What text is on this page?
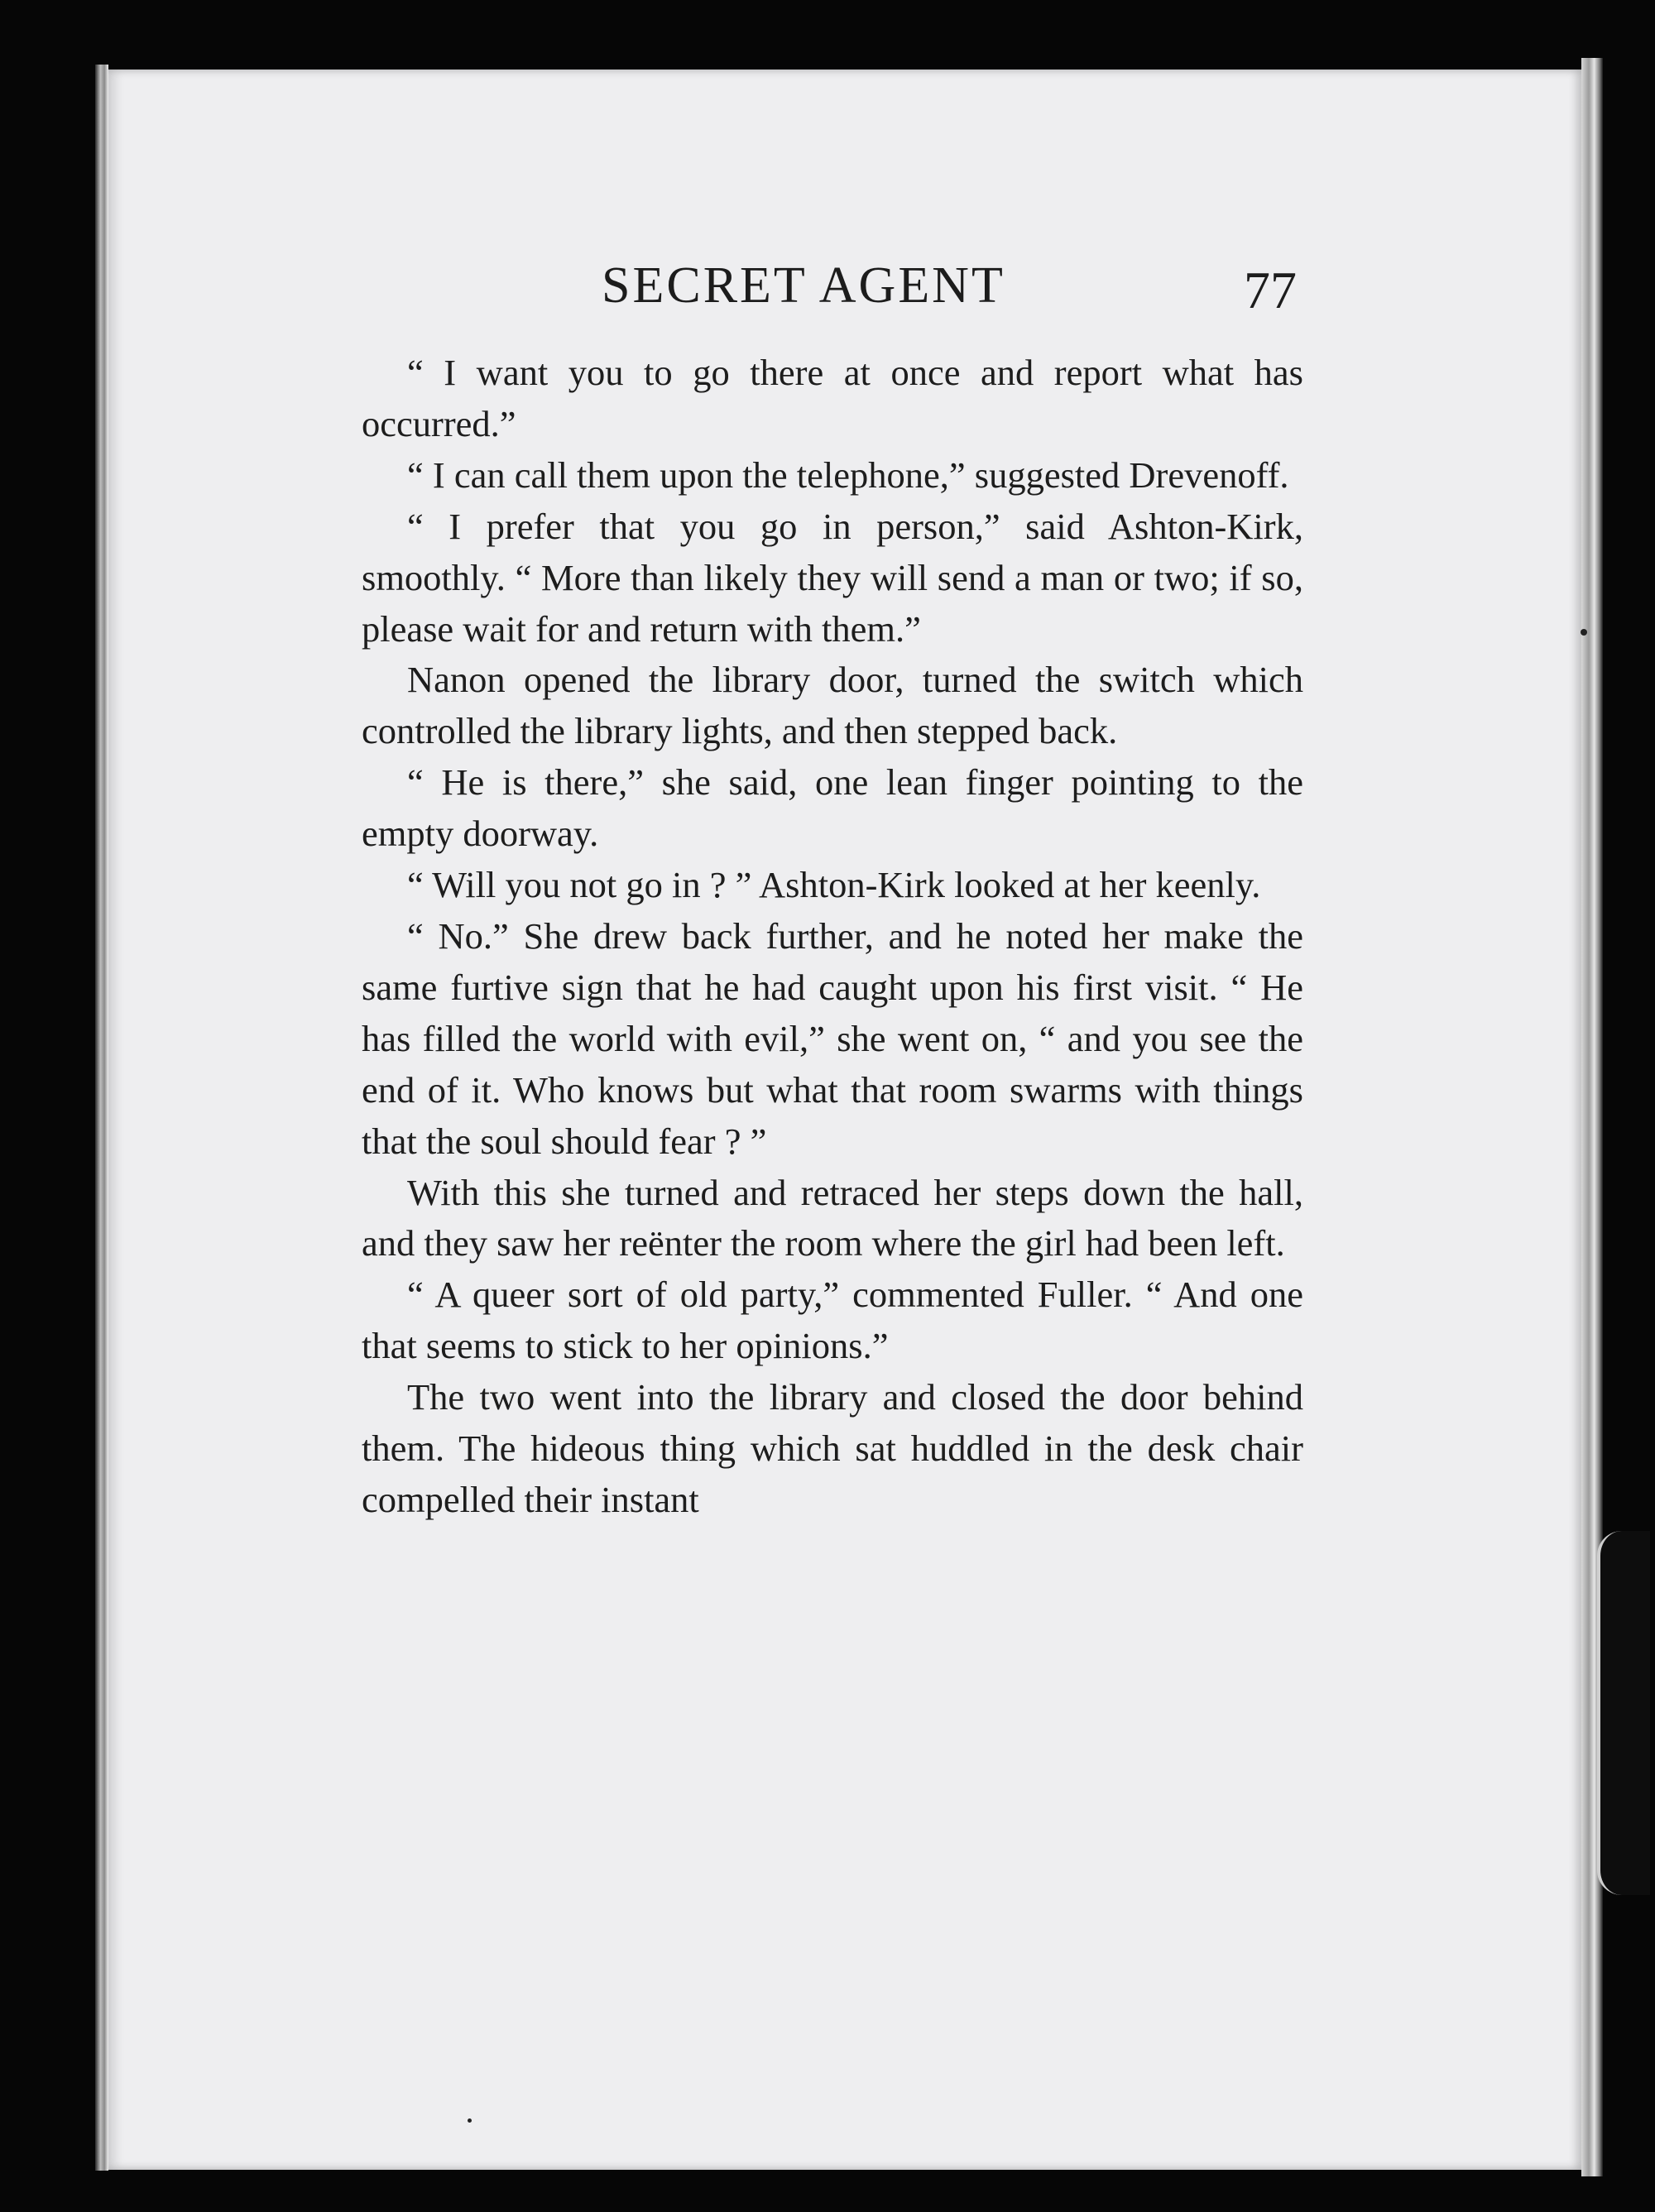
SECRET AGENT	77

“ I want you to go there at once and report what has occurred.”

“ I can call them upon the telephone,” suggested Drevenoff.

“ I prefer that you go in person,” said Ashton-Kirk, smoothly. “ More than likely they will send a man or two; if so, please wait for and return with them.”

Nanon opened the library door, turned the switch which controlled the library lights, and then stepped back.

“ He is there,” she said, one lean finger pointing to the empty doorway.

“ Will you not go in ? ” Ashton-Kirk looked at her keenly.

“ No.” She drew back further, and he noted her make the same furtive sign that he had caught upon his first visit. “ He has filled the world with evil,” she went on, “ and you see the end of it. Who knows but what that room swarms with things that the soul should fear ? ”

With this she turned and retraced her steps down the hall, and they saw her reënter the room where the girl had been left.

“ A queer sort of old party,” commented Fuller. “ And one that seems to stick to her opinions.”

The two went into the library and closed the door behind them. The hideous thing which sat huddled in the desk chair compelled their instant
